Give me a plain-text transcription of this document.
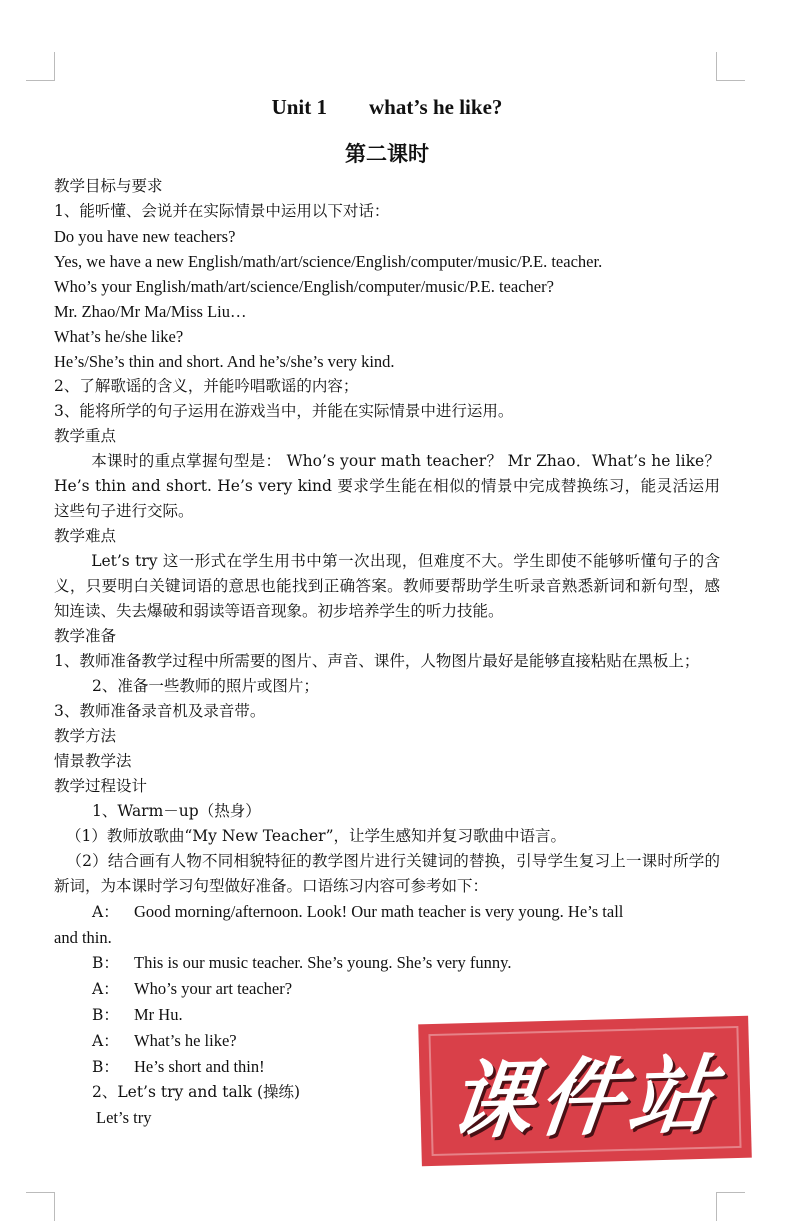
Unit 1        what’s he like?

第二课时

教学目标与要求

1、能听懂、会说并在实际情景中运用以下对话：

Do you have new teachers?

Yes, we have a new English/math/art/science/English/computer/music/P.E. teacher.

Who’s your English/math/art/science/English/computer/music/P.E. teacher?

Mr. Zhao/Mr Ma/Miss Liu…

What’s he/she like?

He’s/She’s thin and short. And he’s/she’s very kind.

2、了解歌谣的含义，并能吟唱歌谣的内容；

3、能将所学的句子运用在游戏当中，并能在实际情景中进行运用。

教学重点

本课时的重点掌握句型是： Who’s your math teacher？ Mr Zhao．What’s he like？He’s thin and short. He’s very kind 要求学生能在相似的情景中完成替换练习，能灵活运用这些句子进行交际。

教学难点

Let’s try 这一形式在学生用书中第一次出现，但难度不大。学生即使不能够听懂句子的含义，只要明白关键词语的意思也能找到正确答案。教师要帮助学生听录音熟悉新词和新句型，感知连读、失去爆破和弱读等语音现象。初步培养学生的听力技能。

教学准备

1、教师准备教学过程中所需要的图片、声音、课件，人物图片最好是能够直接粘贴在黑板上；

2、准备一些教师的照片或图片；

3、教师准备录音机及录音带。

教学方法

情景教学法

教学过程设计

1、Warm－up（热身）

（1）教师放歌曲“My New Teacher”，让学生感知并复习歌曲中语言。

（2）结合画有人物不同相貌特征的教学图片进行关键词的替换，引导学生复习上一课时所学的新词，为本课时学习句型做好准备。口语练习内容可参考如下：

A： Good morning/afternoon. Look! Our math teacher is very young. He’s tall

and thin.

B： This is our music teacher. She’s young. She’s very funny.

A： Who’s your art teacher?

B： Mr Hu.

A： What’s he like?

B： He’s short and thin!

2、Let’s try and talk (操练)

Let’s try	课件站
